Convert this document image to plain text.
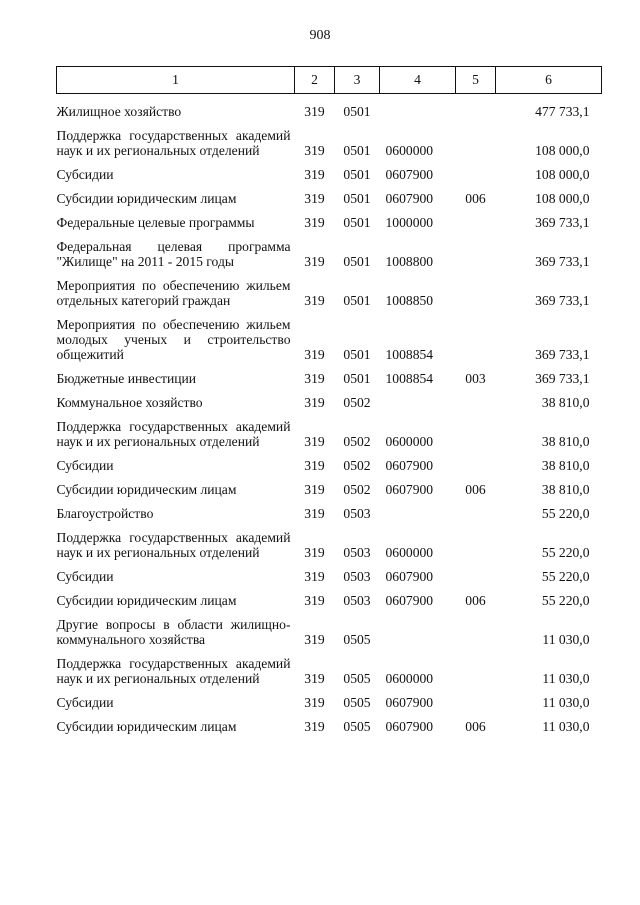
908
1	2	3	4	5	6
Жилищное хозяйство	319	0501			477 733,1
Поддержка государственных академий наук и их региональных отделений	319	0501	0600000		108 000,0
Субсидии	319	0501	0607900		108 000,0
Субсидии юридическим лицам	319	0501	0607900	006	108 000,0
Федеральные целевые программы	319	0501	1000000		369 733,1
Федеральная целевая программа "Жилище" на 2011 - 2015 годы	319	0501	1008800		369 733,1
Мероприятия по обеспечению жильем отдельных категорий граждан	319	0501	1008850		369 733,1
Мероприятия по обеспечению жильем молодых ученых и строительство общежитий	319	0501	1008854		369 733,1
Бюджетные инвестиции	319	0501	1008854	003	369 733,1
Коммунальное хозяйство	319	0502			38 810,0
Поддержка государственных академий наук и их региональных отделений	319	0502	0600000		38 810,0
Субсидии	319	0502	0607900		38 810,0
Субсидии юридическим лицам	319	0502	0607900	006	38 810,0
Благоустройство	319	0503			55 220,0
Поддержка государственных академий наук и их региональных отделений	319	0503	0600000		55 220,0
Субсидии	319	0503	0607900		55 220,0
Субсидии юридическим лицам	319	0503	0607900	006	55 220,0
Другие вопросы в области жилищно-коммунального хозяйства	319	0505			11 030,0
Поддержка государственных академий наук и их региональных отделений	319	0505	0600000		11 030,0
Субсидии	319	0505	0607900		11 030,0
Субсидии юридическим лицам	319	0505	0607900	006	11 030,0
